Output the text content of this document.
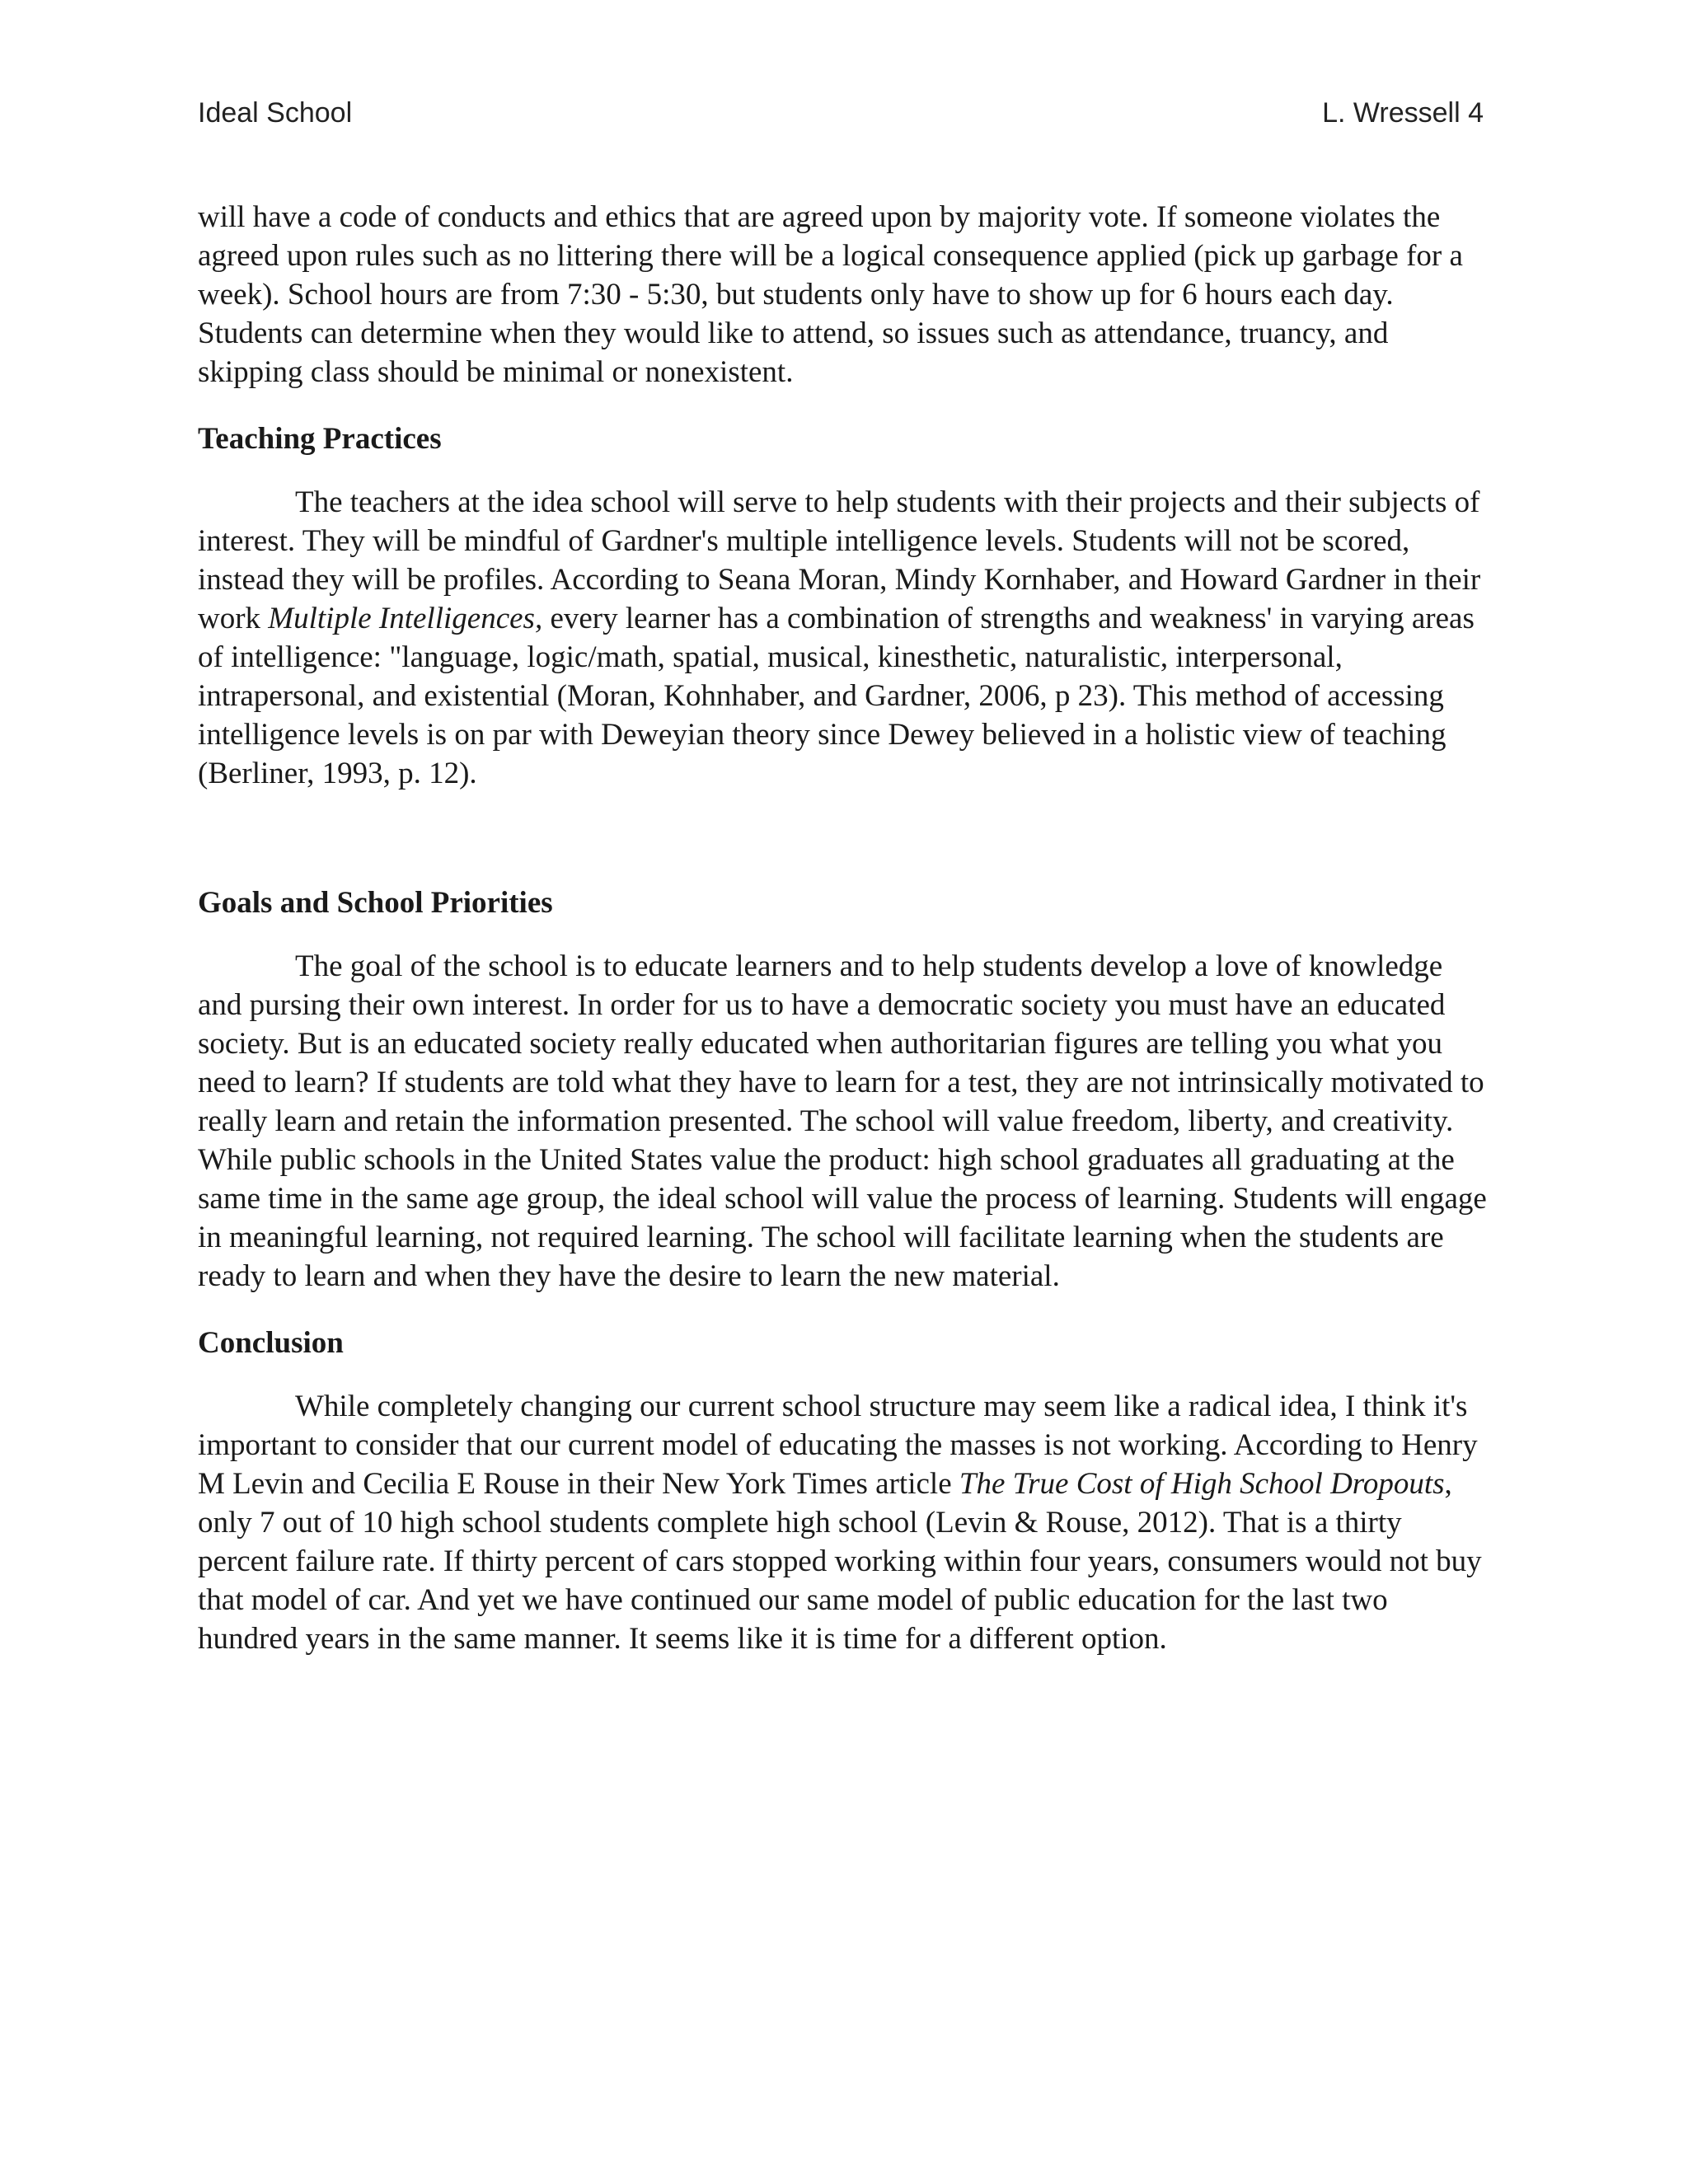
Ideal School	L. Wressell 4

will have a code of conducts and ethics that are agreed upon by majority vote. If someone violates the agreed upon rules such as no littering there will be a logical consequence applied (pick up garbage for a week). School hours are from 7:30 - 5:30, but students only have to show up for 6 hours each day. Students can determine when they would like to attend, so issues such as attendance, truancy, and skipping class should be minimal or nonexistent.

Teaching Practices

The teachers at the idea school will serve to help students with their projects and their subjects of interest. They will be mindful of Gardner's multiple intelligence levels. Students will not be scored, instead they will be profiles. According to Seana Moran, Mindy Kornhaber, and Howard Gardner in their work Multiple Intelligences, every learner has a combination of strengths and weakness' in varying areas of intelligence: "language, logic/math, spatial, musical, kinesthetic, naturalistic, interpersonal, intrapersonal, and existential (Moran, Kohnhaber, and Gardner, 2006, p 23). This method of accessing intelligence levels is on par with Deweyian theory since Dewey believed in a holistic view of teaching (Berliner, 1993, p. 12).

Goals and School Priorities

The goal of the school is to educate learners and to help students develop a love of knowledge and pursing their own interest. In order for us to have a democratic society you must have an educated society. But is an educated society really educated when authoritarian figures are telling you what you need to learn? If students are told what they have to learn for a test, they are not intrinsically motivated to really learn and retain the information presented. The school will value freedom, liberty, and creativity. While public schools in the United States value the product: high school graduates all graduating at the same time in the same age group, the ideal school will value the process of learning. Students will engage in meaningful learning, not required learning. The school will facilitate learning when the students are ready to learn and when they have the desire to learn the new material.

Conclusion

While completely changing our current school structure may seem like a radical idea, I think it's important to consider that our current model of educating the masses is not working. According to Henry M Levin and Cecilia E Rouse in their New York Times article The True Cost of High School Dropouts, only 7 out of 10 high school students complete high school (Levin & Rouse, 2012). That is a thirty percent failure rate. If thirty percent of cars stopped working within four years, consumers would not buy that model of car. And yet we have continued our same model of public education for the last two hundred years in the same manner. It seems like it is time for a different option.
